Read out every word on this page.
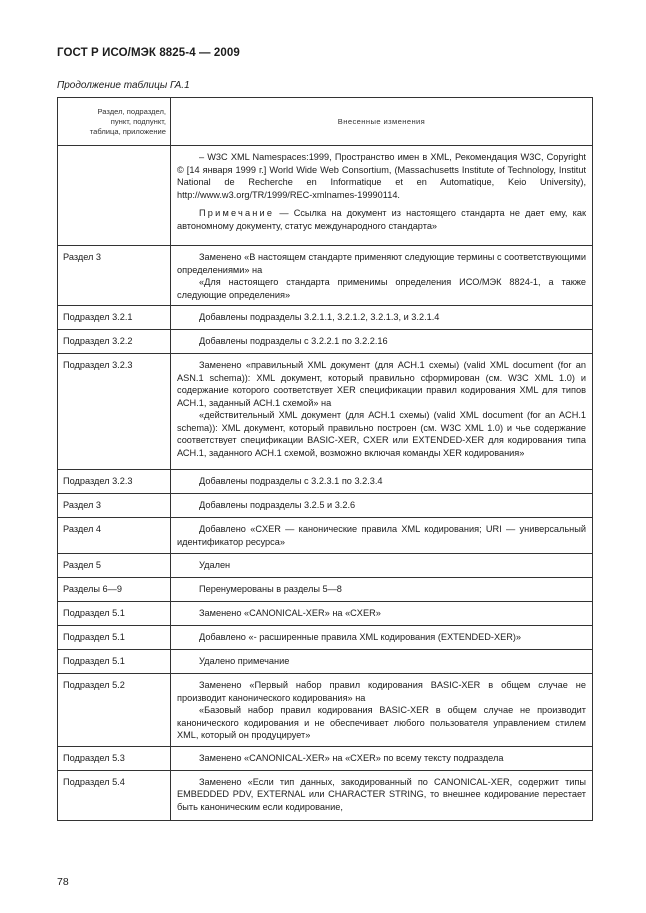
ГОСТ Р ИСО/МЭК 8825-4 — 2009
Продолжение таблицы ГА.1
Раздел, подраздел,
пункт, подпункт,
таблица, приложение	Внесенные изменения

	– W3C XML Namespaces:1999, Пространство имен в XML, Рекомендация W3C, Copyright © [14 января 1999 г.] World Wide Web Consortium, (Massachusetts Institute of Technology, Institut National de Recherche en Informatique et en Automatique, Keio University), http://www.w3.org/TR/1999/REC-xmlnames-19990114.

Примечание — Ссылка на документ из настоящего стандарта не дает ему, как автономному документу, статус международного стандарта»

Раздел 3	Заменено «В настоящем стандарте применяют следующие термины с соответствующими определениями» на

«Для настоящего стандарта применимы определения ИСО/МЭК 8824-1, а также следующие определения»

Подраздел 3.2.1	Добавлены подразделы 3.2.1.1, 3.2.1.2, 3.2.1.3, и 3.2.1.4

Подраздел 3.2.2	Добавлены подразделы с 3.2.2.1 по 3.2.2.16

Подраздел 3.2.3	Заменено «правильный XML документ (для АСН.1 схемы) (valid XML document (for an ASN.1 schema)): XML документ, который правильно сформирован (см. W3C XML 1.0) и содержание которого соответствует XER спецификации правил кодирования XML для типов АСН.1, заданный АСН.1 схемой» на

«действительный XML документ (для АСН.1 схемы) (valid XML document (for an ACH.1 schema)): XML документ, который правильно построен (см. W3C XML 1.0) и чье содержание соответствует спецификации BASIC-XER, CXER или EXTENDED-XER для кодирования типа АСН.1, заданного АСН.1 схемой, возможно включая команды XER кодирования»

Подраздел 3.2.3	Добавлены подразделы с 3.2.3.1 по 3.2.3.4

Раздел 3	Добавлены подразделы 3.2.5 и 3.2.6

Раздел 4	Добавлено «CXER — канонические правила XML кодирования; URI — универсальный идентификатор ресурса»

Раздел 5	Удален

Разделы 6—9	Перенумерованы в разделы 5—8

Подраздел 5.1	Заменено «CANONICAL-XER» на «CXER»

Подраздел 5.1	Добавлено «- расширенные правила XML кодирования (EXTENDED-XER)»

Подраздел 5.1	Удалено примечание

Подраздел 5.2	Заменено «Первый набор правил кодирования BASIC-XER в общем случае не производит канонического кодирования» на

«Базовый набор правил кодирования BASIC-XER в общем случае не производит канонического кодирования и не обеспечивает любого пользователя управлением стилем XML, который он продуцирует»

Подраздел 5.3	Заменено «CANONICAL-XER» на «CXER» по всему тексту подраздела

Подраздел 5.4	Заменено «Если тип данных, закодированный по CANONICAL-XER, содержит типы EMBEDDED PDV, EXTERNAL или CHARACTER STRING, то внешнее кодирование перестает быть каноническим если кодирование,

78
